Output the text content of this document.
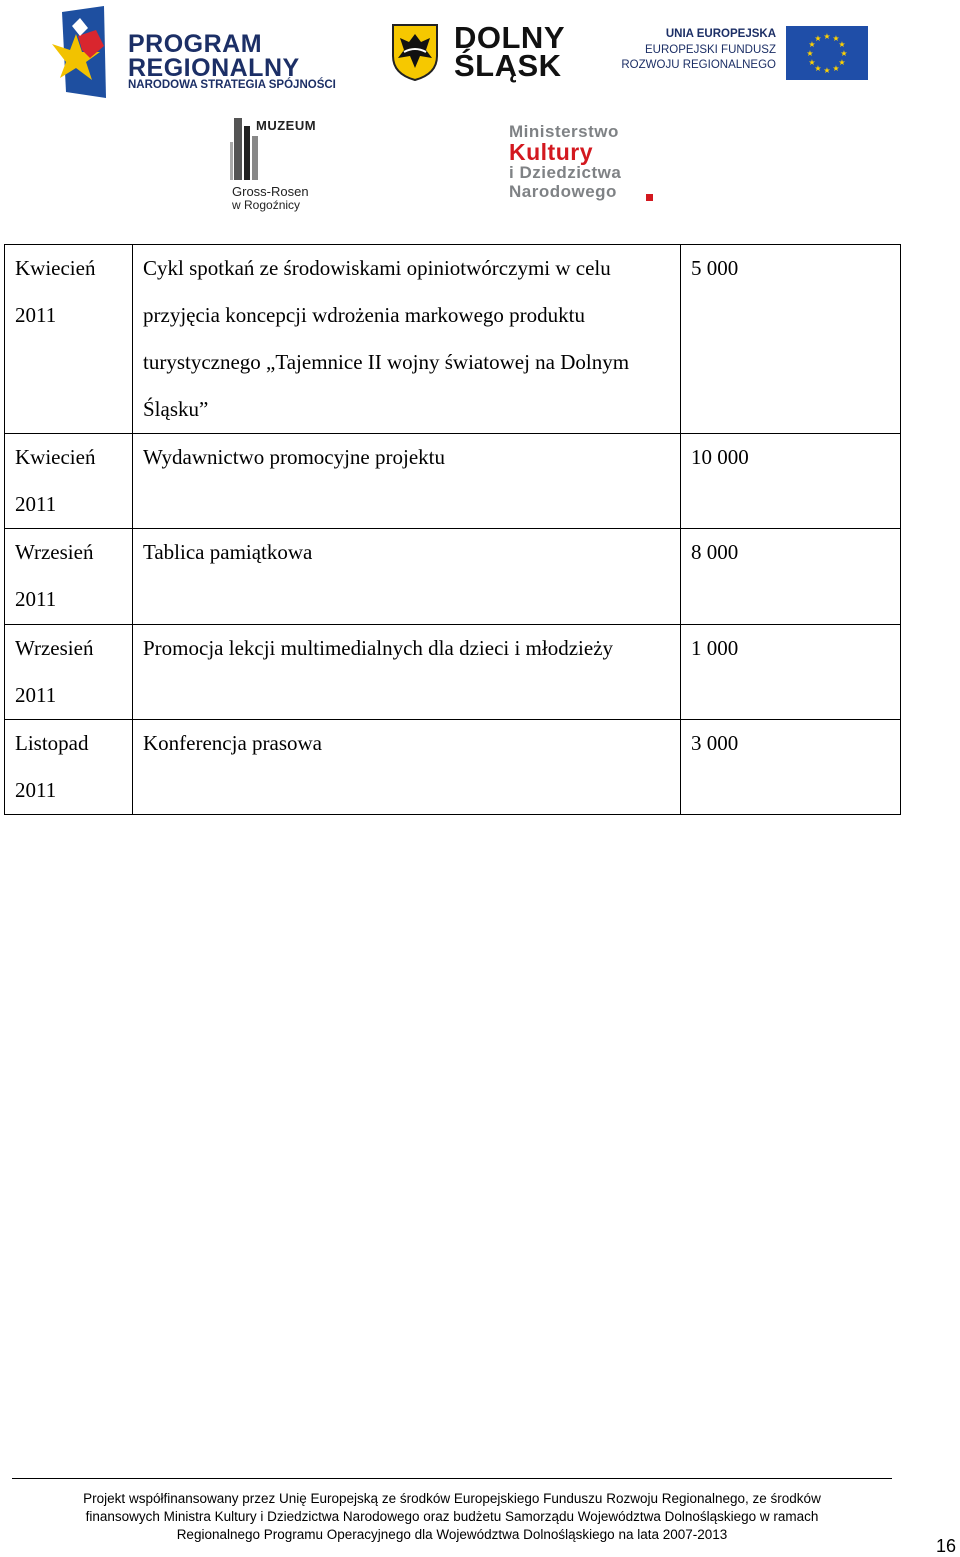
PROGRAM
REGIONALNY
NARODOWA STRATEGIA SPÓJNOŚCI
DOLNY
ŚLĄSK
UNIA EUROPEJSKA
EUROPEJSKI FUNDUSZ
ROZWOJU REGIONALNEGO
★ ★
★
★
★
★
★
★
★
★
★
★
MUZEUM
Gross-Rosen
w Rogoźnicy
Ministerstwo
Kultury
i Dziedzictwa
Narodowego
Kwiecień
2011	Cykl spotkań ze środowiskami opiniotwórczymi w celu przyjęcia koncepcji wdrożenia markowego produktu turystycznego „Tajemnice II wojny światowej na Dolnym Śląsku”	5 000
Kwiecień
2011	Wydawnictwo promocyjne projektu	10 000
Wrzesień
2011	Tablica pamiątkowa	8 000
Wrzesień
2011	Promocja lekcji multimedialnych dla dzieci i młodzieży	1 000
Listopad
2011	Konferencja prasowa	3 000
Projekt współfinansowany przez Unię Europejską ze środków Europejskiego Funduszu Rozwoju Regionalnego, ze środków
finansowych Ministra Kultury i Dziedzictwa Narodowego oraz budżetu Samorządu Województwa Dolnośląskiego w ramach
Regionalnego Programu Operacyjnego dla Województwa Dolnośląskiego na lata 2007-2013
16
